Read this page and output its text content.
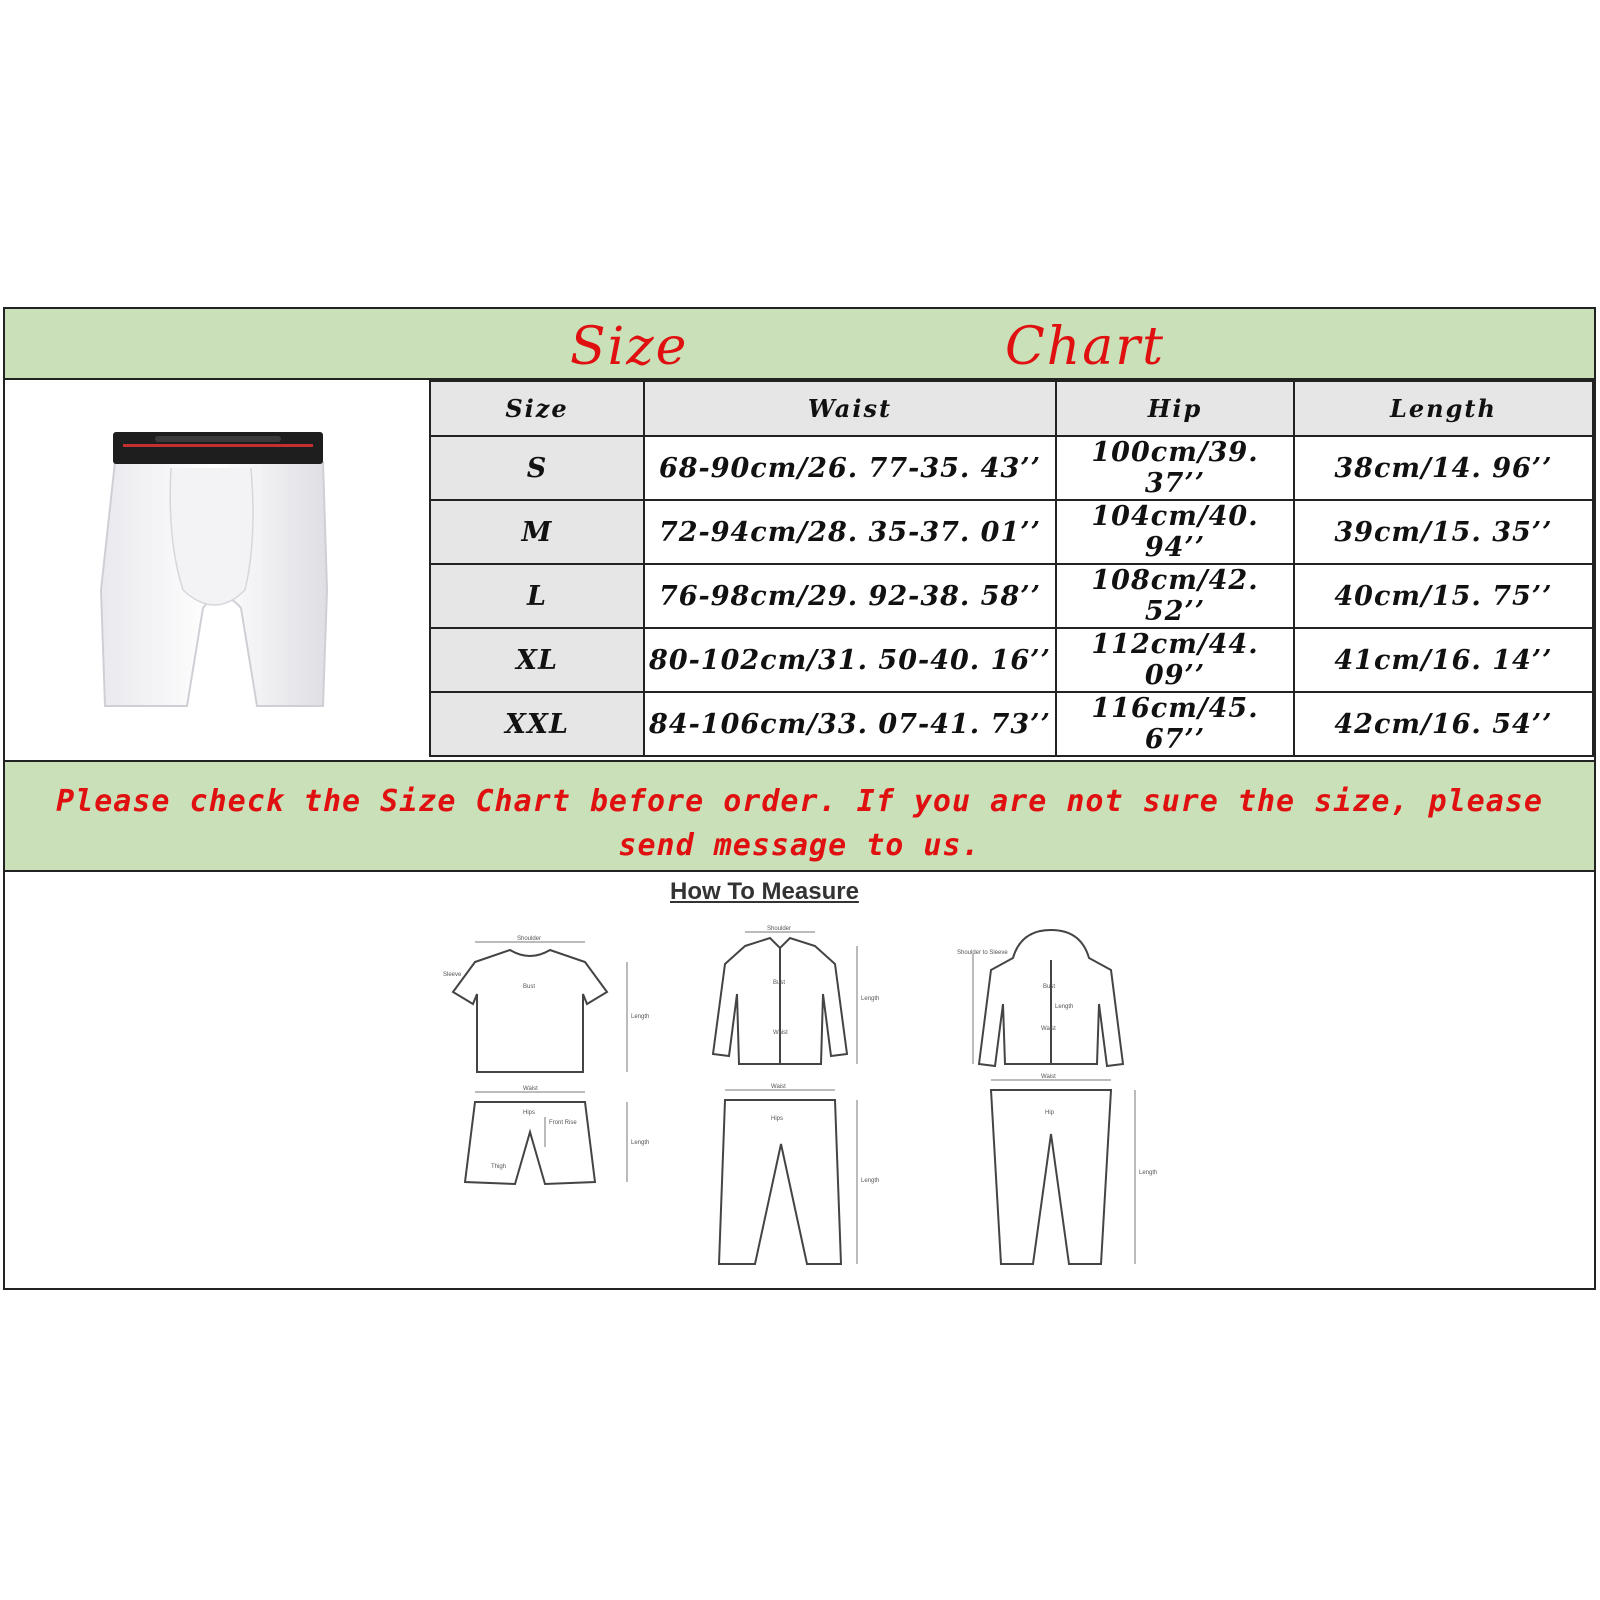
Size	Chart
Size	Waist	Hip	Length
S	68-90cm/26. 77-35. 43’’	100cm/39. 37’’	38cm/14. 96’’
M	72-94cm/28. 35-37. 01’’	104cm/40. 94’’	39cm/15. 35’’
L	76-98cm/29. 92-38. 58’’	108cm/42. 52’’	40cm/15. 75’’
XL	80-102cm/31. 50-40. 16’’	112cm/44. 09’’	41cm/16. 14’’
XXL	84-106cm/33. 07-41. 73’’	116cm/45. 67’’	42cm/16. 54’’
Please check the Size Chart before order. If you are not sure the size, please send message to us.
How To Measure
Shoulder
Sleeve
Bust
Length
Waist
Hips
Front Rise
Length
Thigh
Shoulder
Bust
Waist
Length
Waist
Hips
Length
Shoulder to Sleeve
Bust
Length
Waist
Waist
Hip
Length
